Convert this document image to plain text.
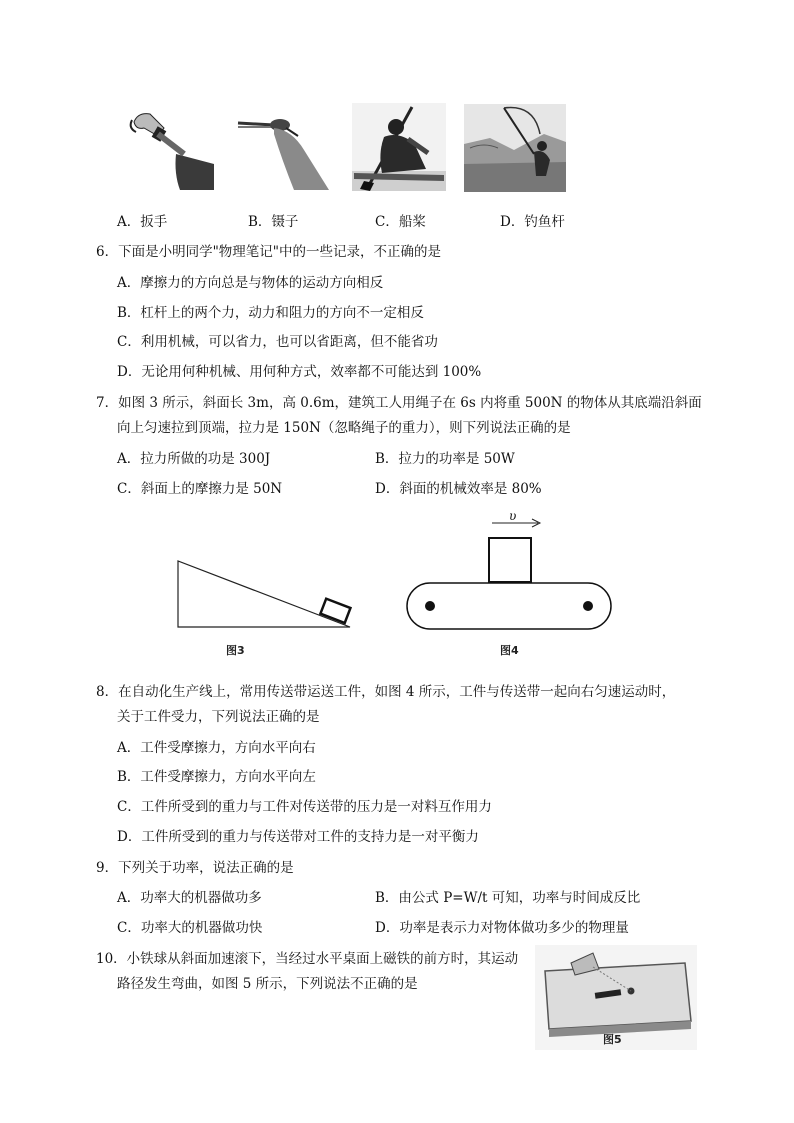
A．扳手	B．镊子	C．船桨	D．钓鱼杆
6．下面是小明同学"物理笔记"中的一些记录，不正确的是
A．摩擦力的方向总是与物体的运动方向相反
B．杠杆上的两个力，动力和阻力的方向不一定相反
C．利用机械，可以省力，也可以省距离，但不能省功
D．无论用何种机械、用何种方式，效率都不可能达到 100%
7．如图 3 所示，斜面长 3m，高 0.6m，建筑工人用绳子在 6s 内将重 500N 的物体从其底端沿斜面
向上匀速拉到顶端，拉力是 150N（忽略绳子的重力），则下列说法正确的是
A．拉力所做的功是 300J	B．拉力的功率是 50W
C．斜面上的摩擦力是 50N	D．斜面的机械效率是 80%
图3
υ
图4
8．在自动化生产线上，常用传送带运送工件，如图 4 所示，工件与传送带一起向右匀速运动时，
关于工件受力，下列说法正确的是
A．工件受摩擦力，方向水平向右
B．工件受摩擦力，方向水平向左
C．工件所受到的重力与工件对传送带的压力是一对料互作用力
D．工件所受到的重力与传送带对工件的支持力是一对平衡力
9．下列关于功率，说法正确的是
A．功率大的机器做功多	B．由公式 P=W/t 可知，功率与时间成反比
C．功率大的机器做功快	D．功率是表示力对物体做功多少的物理量
10．小铁球从斜面加速滚下，当经过水平桌面上磁铁的前方时，其运动
路径发生弯曲，如图 5 所示，下列说法不正确的是
图5
